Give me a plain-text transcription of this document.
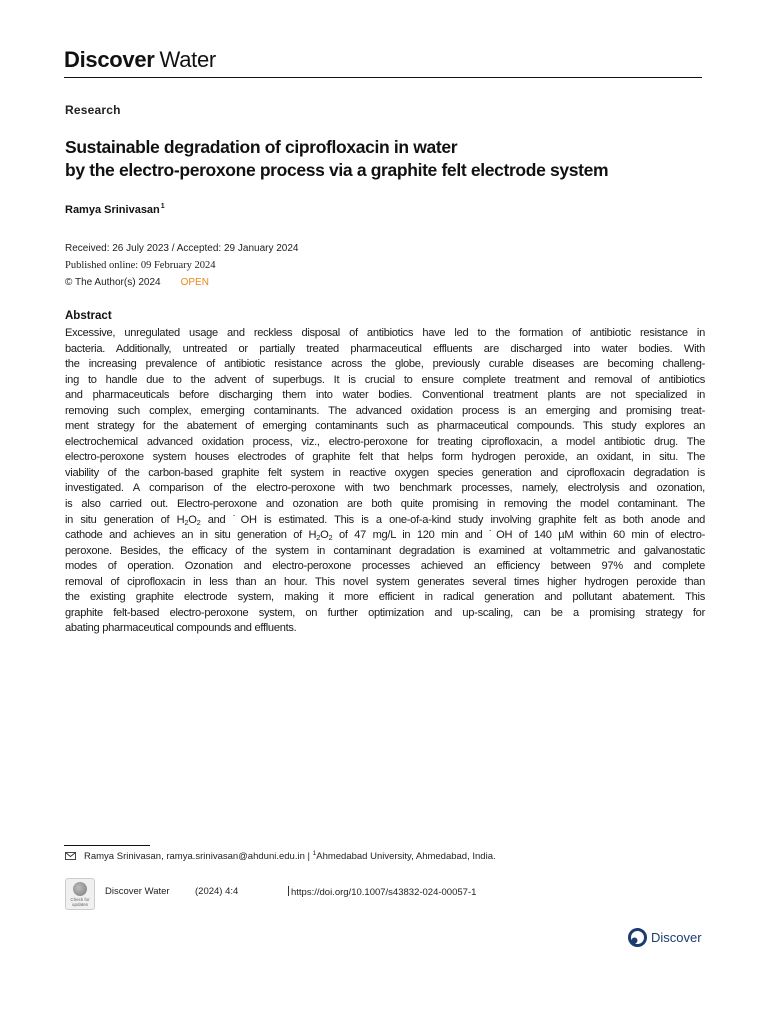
Discover Water
Research
Sustainable degradation of ciprofloxacin in water
by the electro-peroxone process via a graphite felt electrode system
Ramya Srinivasan$^1$
Received: 26 July 2023 / Accepted: 29 January 2024
Published online: 09 February 2024
© The Author(s) 2024 OPEN
Abstract
Excessive, unregulated usage and reckless disposal of antibiotics have led to the formation of antibiotic resistance in
bacteria. Additionally, untreated or partially treated pharmaceutical effluents are discharged into water bodies. With
the increasing prevalence of antibiotic resistance across the globe, previously curable diseases are becoming challeng-
ing to handle due to the advent of superbugs. It is crucial to ensure complete treatment and removal of antibiotics
and pharmaceuticals before discharging them into water bodies. Conventional treatment plants are not specialized in
removing such complex, emerging contaminants. The advanced oxidation process is an emerging and promising treat-
ment strategy for the abatement of emerging contaminants such as pharmaceutical compounds. This study explores an
electrochemical advanced oxidation process, viz., electro-peroxone for treating ciprofloxacin, a model antibiotic drug. The
electro-peroxone system houses electrodes of graphite felt that helps form hydrogen peroxide, an oxidant, in situ. The
viability of the carbon-based graphite felt system in reactive oxygen species generation and ciprofloxacin degradation is
investigated. A comparison of the electro-peroxone with two benchmark processes, namely, electrolysis and ozonation,
is also carried out. Electro-peroxone and ozonation are both quite promising in removing the model contaminant. The
in situ generation of $H_2O_2$ and ˙OH is estimated. This is a one-of-a-kind study involving graphite felt as both anode and
cathode and achieves an in situ generation of $H_2O_2$ of 47 mg/L in 120 min and ˙OH of 140 µM within 60 min of electro-
peroxone. Besides, the efficacy of the system in contaminant degradation is examined at voltammetric and galvanostatic
modes of operation. Ozonation and electro-peroxone processes achieved an efficiency between 97% and complete
removal of ciprofloxacin in less than an hour. This novel system generates several times higher hydrogen peroxide than
the existing graphite electrode system, making it more efficient in radical generation and pollutant abatement. This
graphite felt-based electro-peroxone system, on further optimization and up-scaling, can be a promising strategy for
abating pharmaceutical compounds and effluents.
Ramya Srinivasan, ramya.srinivasan@ahduni.edu.in | $^1$Ahmedabad University, Ahmedabad, India.
Check for
updates
Discover Water	(2024) 4:4	https://doi.org/10.1007/s43832-024-00057-1
Discover
